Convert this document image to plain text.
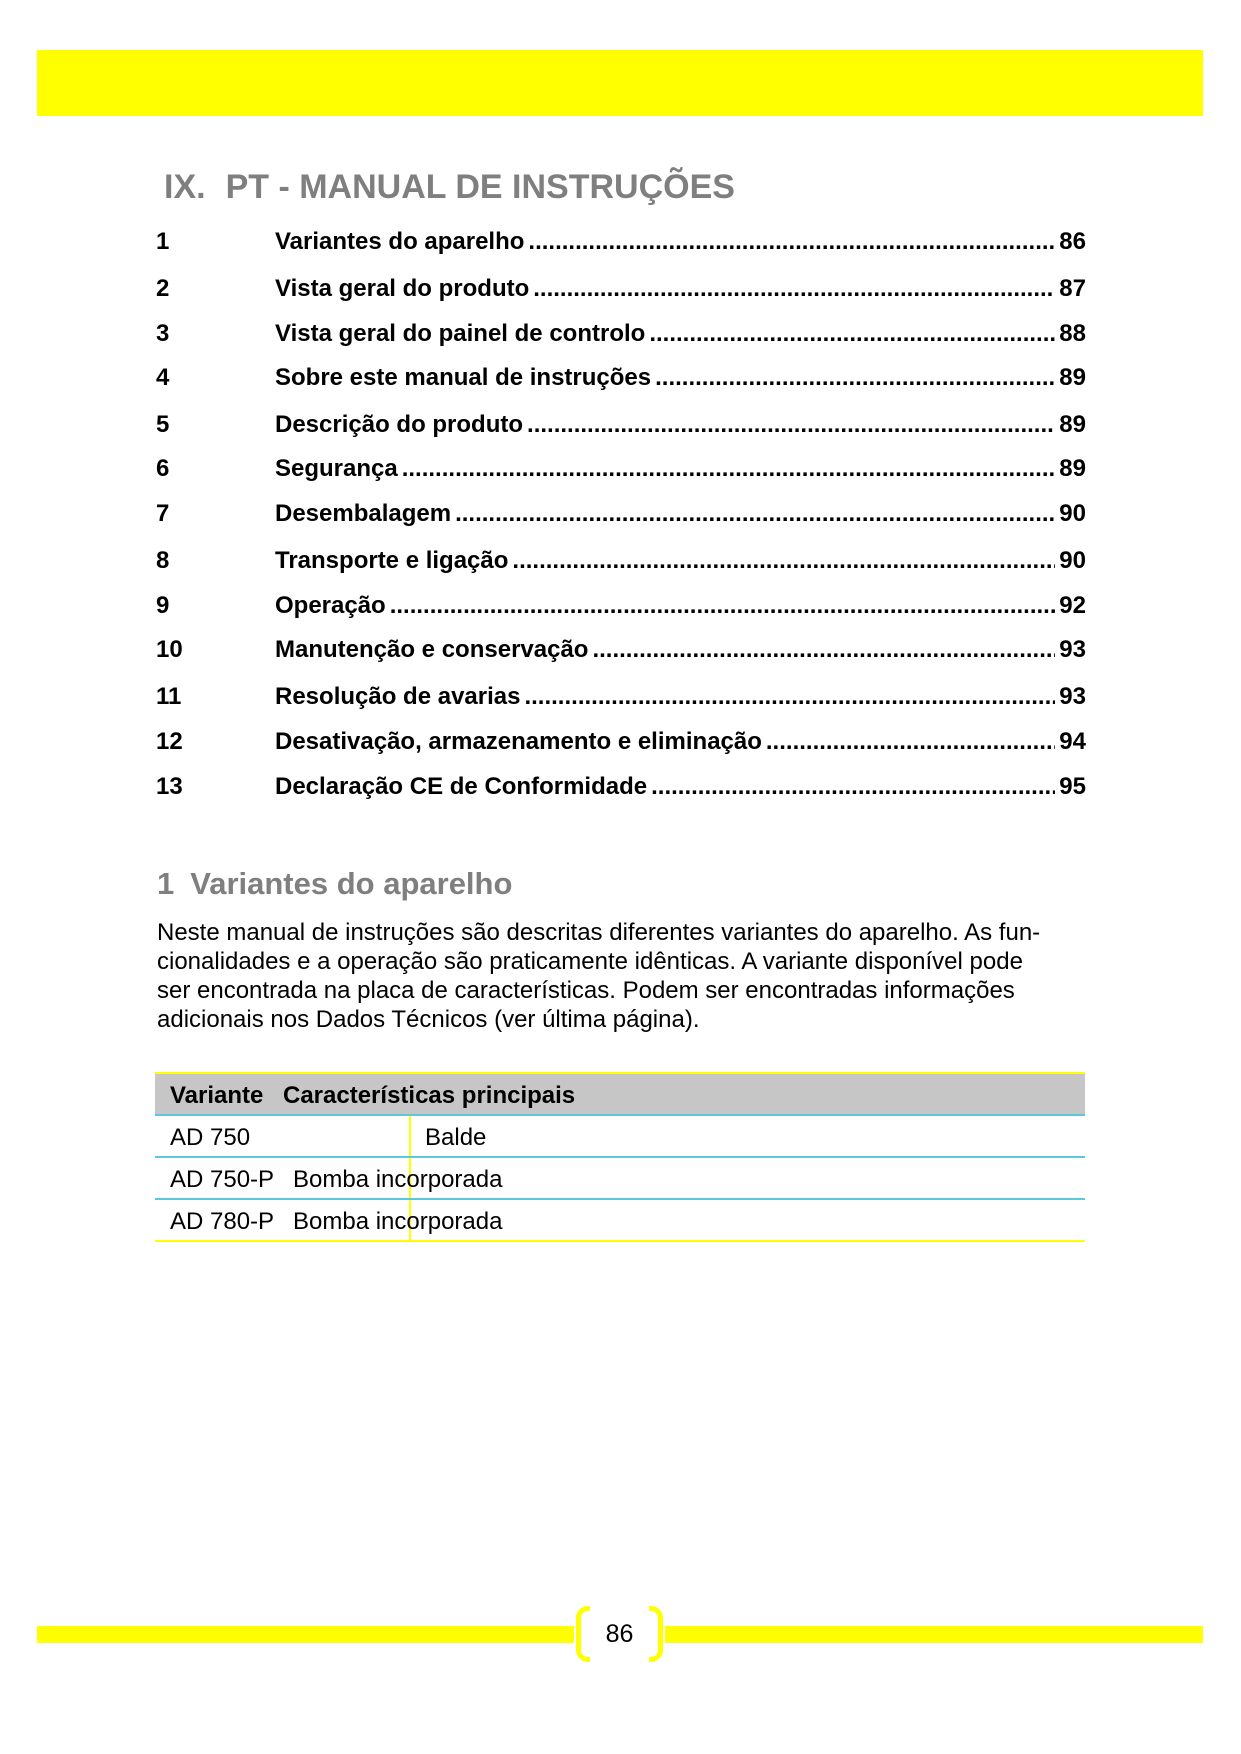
IX. PT - MANUAL DE INSTRUÇÕES
1	Variantes do aparelho .....	86
2	Vista geral do produto .....	87
3	Vista geral do painel de controlo .....	88
4	Sobre este manual de instruções .....	89
5	Descrição do produto .....	89
6	Segurança .....	89
7	Desembalagem .....	90
8	Transporte e ligação .....	90
9	Operação .....	92
10	Manutenção e conservação .....	93
11	Resolução de avarias .....	93
12	Desativação, armazenamento e eliminação .....	94
13	Declaração CE de Conformidade .....	95
1 Variantes do aparelho
Neste manual de instruções são descritas diferentes variantes do aparelho. As fun-
cionalidades e a operação são praticamente idênticas. A variante disponível pode
ser encontrada na placa de características. Podem ser encontradas informações
adicionais nos Dados Técnicos (ver última página).
Variante Características principais
AD 750	Balde
AD 750-P Bomba incorporada
AD 780-P Bomba incorporada
86
